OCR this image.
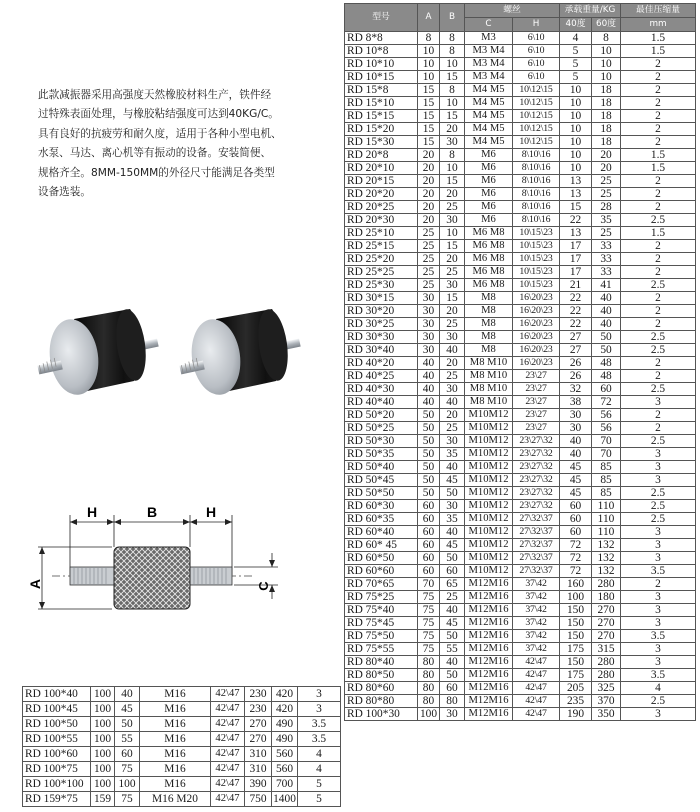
此款减振器采用高强度天然橡胶材料生产，铁件经
过特殊表面处理，与橡胶粘结强度可达到40KG/C。
具有良好的抗疲劳和耐久度，适用于各种小型电机、
水泵、马达、离心机等有振动的设备。安装简便、
规格齐全。8MM-150MM的外径尺寸能满足各类型
设备选装。
H	B	H
A	C
型号	A	B	螺丝		承载重量/KG		最佳压缩量
			C	H	40度	60度	mm
RD 8*8	8	8	M3	6\10	4	8	1.5
RD 10*8	10	8	M3 M4	6\10	5	10	1.5
RD 10*10	10	10	M3 M4	6\10	5	10	2
RD 10*15	10	15	M3 M4	6\10	5	10	2
RD 15*8	15	8	M4 M5	10\12\15	10	18	2
RD 15*10	15	10	M4 M5	10\12\15	10	18	2
RD 15*15	15	15	M4 M5	10\12\15	10	18	2
RD 15*20	15	20	M4 M5	10\12\15	10	18	2
RD 15*30	15	30	M4 M5	10\12\15	10	18	2
RD 20*8	20	8	M6	8\10\16	10	20	1.5
RD 20*10	20	10	M6	8\10\16	10	20	1.5
RD 20*15	20	15	M6	8\10\16	13	25	2
RD 20*20	20	20	M6	8\10\16	13	25	2
RD 20*25	20	25	M6	8\10\16	15	28	2
RD 20*30	20	30	M6	8\10\16	22	35	2.5
RD 25*10	25	10	M6 M8	10\15\23	13	25	1.5
RD 25*15	25	15	M6 M8	10\15\23	17	33	2
RD 25*20	25	20	M6 M8	10\15\23	17	33	2
RD 25*25	25	25	M6 M8	10\15\23	17	33	2
RD 25*30	25	30	M6 M8	10\15\23	21	41	2.5
RD 30*15	30	15	M8	16\20\23	22	40	2
RD 30*20	30	20	M8	16\20\23	22	40	2
RD 30*25	30	25	M8	16\20\23	22	40	2
RD 30*30	30	30	M8	16\20\23	27	50	2.5
RD 30*40	30	40	M8	16\20\23	27	50	2.5
RD 40*20	40	20	M8 M10	16\20\23	26	48	2
RD 40*25	40	25	M8 M10	23\27	26	48	2
RD 40*30	40	30	M8 M10	23\27	32	60	2.5
RD 40*40	40	40	M8 M10	23\27	38	72	3
RD 50*20	50	20	M10M12	23\27	30	56	2
RD 50*25	50	25	M10M12	23\27	30	56	2
RD 50*30	50	30	M10M12	23\27\32	40	70	2.5
RD 50*35	50	35	M10M12	23\27\32	40	70	3
RD 50*40	50	40	M10M12	23\27\32	45	85	3
RD 50*45	50	45	M10M12	23\27\32	45	85	3
RD 50*50	50	50	M10M12	23\27\32	45	85	2.5
RD 60*30	60	30	M10M12	23\27\32	60	110	2.5
RD 60*35	60	35	M10M12	27\32\37	60	110	2.5
RD 60*40	60	40	M10M12	27\32\37	60	110	3
RD 60* 45	60	45	M10M12	27\32\37	72	132	3
RD 60*50	60	50	M10M12	27\32\37	72	132	3
RD 60*60	60	60	M10M12	27\32\37	72	132	3.5
RD 70*65	70	65	M12M16	37\42	160	280	2
RD 75*25	75	25	M12M16	37\42	100	180	3
RD 75*40	75	40	M12M16	37\42	150	270	3
RD 75*45	75	45	M12M16	37\42	150	270	3
RD 75*50	75	50	M12M16	37\42	150	270	3.5
RD 75*55	75	55	M12M16	37\42	175	315	3
RD 80*40	80	40	M12M16	42\47	150	280	3
RD 80*50	80	50	M12M16	42\47	175	280	3.5
RD 80*60	80	60	M12M16	42\47	205	325	4
RD 80*80	80	80	M12M16	42\47	235	370	2.5
RD 100*30	100	30	M12M16	42\47	190	350	3
RD 100*40	100	40	M16	42\47	230	420	3
RD 100*45	100	45	M16	42\47	230	420	3
RD 100*50	100	50	M16	42\47	270	490	3.5
RD 100*55	100	55	M16	42\47	270	490	3.5
RD 100*60	100	60	M16	42\47	310	560	4
RD 100*75	100	75	M16	42\47	310	560	4
RD 100*100	100	100	M16	42\47	390	700	5
RD 159*75	159	75	M16 M20	42\47	750	1400	5
